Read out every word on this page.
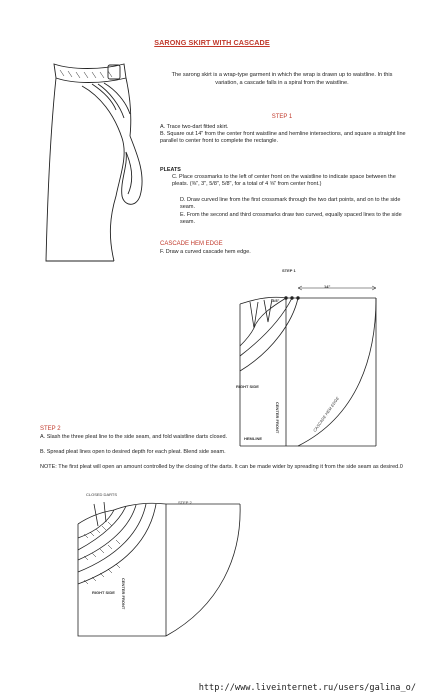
SARONG SKIRT WITH CASCADE
The sarong skirt is a wrap-type garment in which the wrap is drawn up to waistline. In this variation, a cascade falls in a spiral from the waistline.
STEP 1
A. Trace two-dart fitted skirt.
B. Square out 14" from the center front waistline and hemline intersections, and square a straight line parallel to center front to complete the rectangle.
PLEATS
C. Place crossmarks to the left of center front on the waistline to indicate space between the pleats. (⅜", 3", 5/8", 5/8", for a total of 4 ⅝" from center front.)
D. Draw curved line from the first crossmark through the two dart points, and on to the side seam.
E. From the second and third crossmarks draw two curved, equally spaced lines to the side seam.
CASCADE HEM EDGE
F. Draw a curved cascade hem edge.
STEP 1
14"
3/8"
CENTER FRONT
RIGHT SIDE
HEMLINE
CASCADE HEM EDGE
STEP 2
A. Slash the three pleat line to the side seam, and fold waistline darts closed.
B. Spread pleat lines open to desired depth for each pleat. Blend side seam.
NOTE: The first pleat will open an amount controlled by the closing of the darts. It can be made wider by spreading it from the side seam as desired.0
CLOSED DARTS
STEP 2
RIGHT SIDE CENTER FRONT
http://www.liveinternet.ru/users/galina_o/
